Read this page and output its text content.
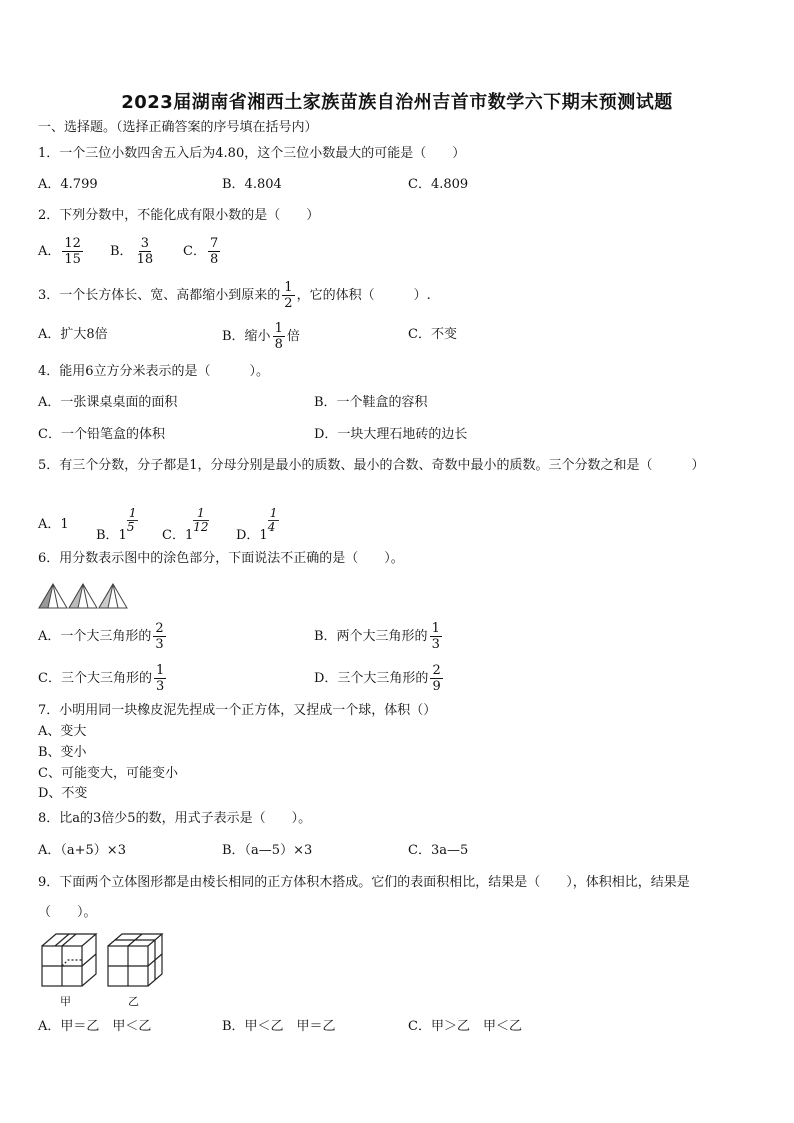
2023届湖南省湘西土家族苗族自治州吉首市数学六下期末预测试题
一、选择题。（选择正确答案的序号填在括号内）
1．一个三位小数四舍五入后为4.80，这个三位小数最大的可能是（　　）
A．4.799	B．4.804	C．4.809
2．下列分数中，不能化成有限小数的是（　　）
A． $\frac{12}{15}$ B． $\frac{3}{18}$ C． $\frac{7}{8}$
3．一个长方体长、宽、高都缩小到原来的 $\frac{1}{2}$ ，它的体积（　　　）.
A．扩大8倍	B．缩小 $\frac{1}{8}$ 倍	C．不变
4．能用6立方分米表示的是（　　　）。
A．一张课桌桌面的面积	B．一个鞋盒的容积
C．一个铅笔盒的体积	D．一块大理石地砖的边长
5．有三个分数，分子都是1，分母分别是最小的质数、最小的合数、奇数中最小的质数。三个分数之和是（　　　）
A．1
B．1
$\frac{1}{5}$
C．1
$\frac{1}{12}$
D．1
$\frac{1}{4}$
6．用分数表示图中的涂色部分，下面说法不正确的是（　　）。
A．一个大三角形的 $\frac{2}{3}$	B．两个大三角形的 $\frac{1}{3}$
C．三个大三角形的 $\frac{1}{3}$	D．三个大三角形的 $\frac{2}{9}$
7．小明用同一块橡皮泥先捏成一个正方体，又捏成一个球，体积（）
A、变大
B、变小
C、可能变大，可能变小
D、不变
8．比a的3倍少5的数，用式子表示是（　　）。
A．（a+5）×3	B．（a—5）×3	C．3a—5
9．下面两个立体图形都是由棱长相同的正方体积木搭成。它们的表面积相比，结果是（　　），体积相比，结果是
（　　）。
甲	乙
A．甲＝乙　甲＜乙	B．甲＜乙　甲＝乙	C．甲＞乙　甲＜乙
